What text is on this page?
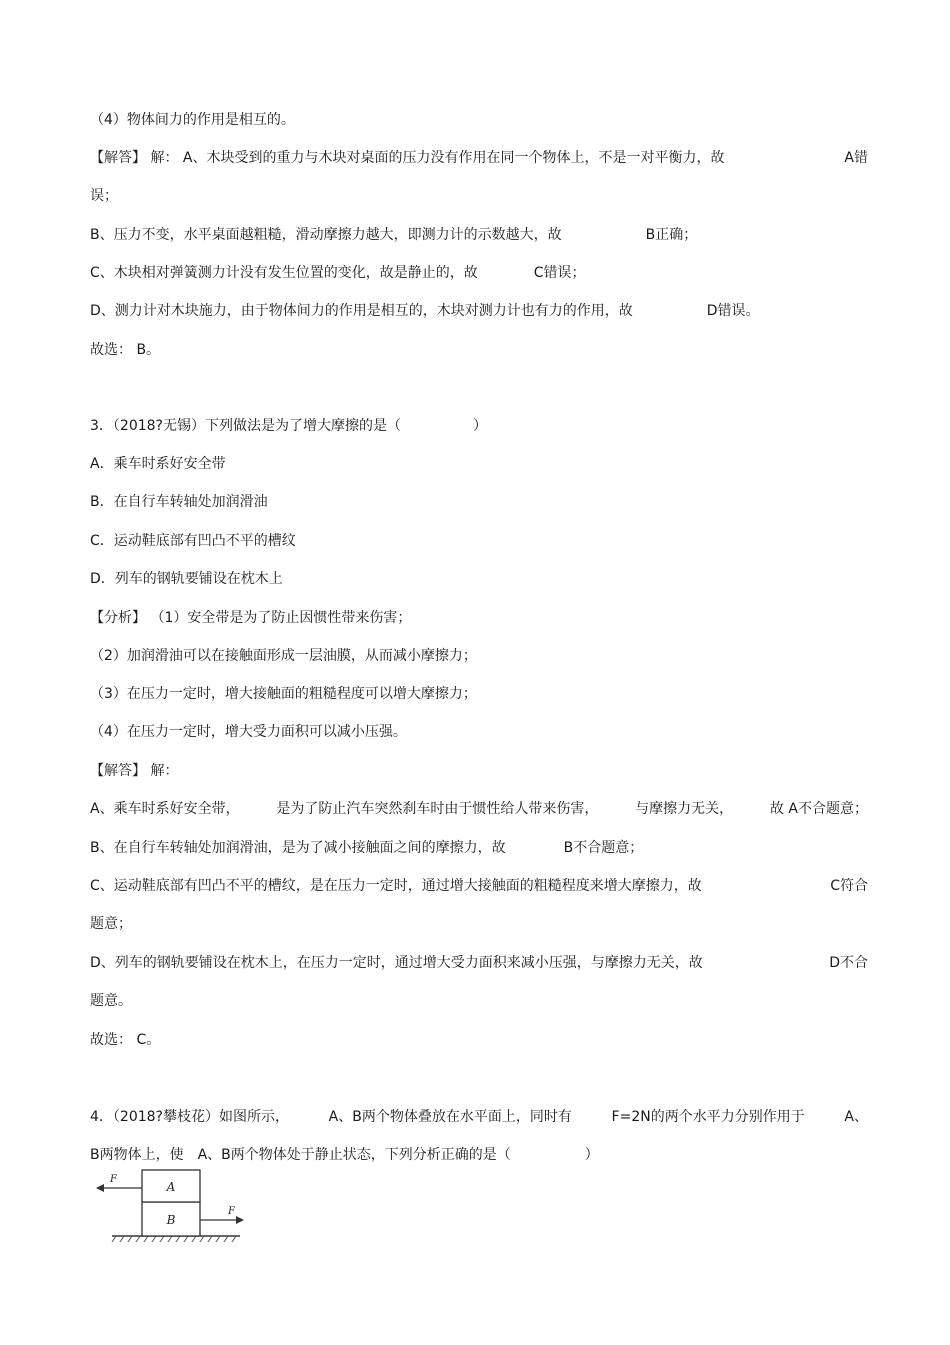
（4）物体间力的作用是相互的。
【解答】 解： A、木块受到的重力与木块对桌面的压力没有作用在同一个物体上，不是一对平衡力，故	A错
误；
B、压力不变，水平桌面越粗糙，滑动摩擦力越大，即测力计的示数越大，故	B正确；
C、木块相对弹簧测力计没有发生位置的变化，故是静止的，故	C错误；
D、测力计对木块施力，由于物体间力的作用是相互的，木块对测力计也有力的作用，故	D错误。
故选： B。
3．（2018?无锡）下列做法是为了增大摩擦的是（	）
A．乘车时系好安全带
B．在自行车转轴处加润滑油
C．运动鞋底部有凹凸不平的槽纹
D．列车的钢轨要铺设在枕木上
【分析】 （1）安全带是为了防止因惯性带来伤害；
（2）加润滑油可以在接触面形成一层油膜，从而减小摩擦力；
（3）在压力一定时，增大接触面的粗糙程度可以增大摩擦力；
（4）在压力一定时，增大受力面积可以减小压强。
【解答】 解：
A、乘车时系好安全带，	是为了防止汽车突然刹车时由于惯性给人带来伤害，	与摩擦力无关，	故 A不合题意；
B、在自行车转轴处加润滑油，是为了减小接触面之间的摩擦力，故	B不合题意；
C、运动鞋底部有凹凸不平的槽纹，是在压力一定时，通过增大接触面的粗糙程度来增大摩擦力，故	C符合
题意；
D、列车的钢轨要铺设在枕木上，在压力一定时，通过增大受力面积来减小压强，与摩擦力无关，故	D不合
题意。
故选： C。
4．（2018?攀枝花）如图所示，	A、B两个物体叠放在水平面上，同时有	F=2N的两个水平力分别作用于	A、
B两物体上，使 A、B两个物体处于静止状态，下列分析正确的是（	）
A
B
F
F
